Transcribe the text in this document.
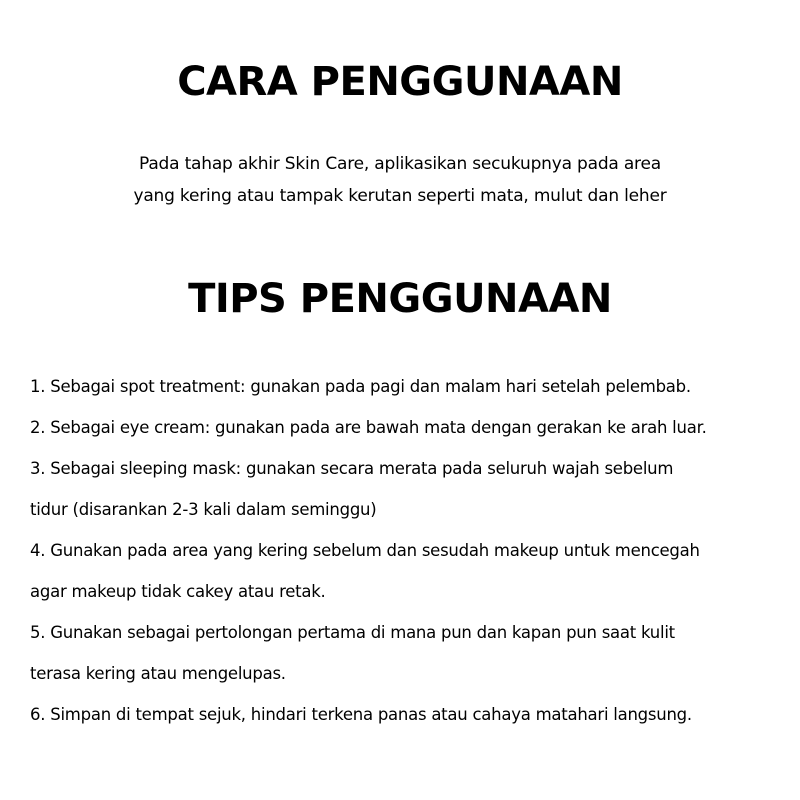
CARA PENGGUNAAN

Pada tahap akhir Skin Care, aplikasikan secukupnya pada area
yang kering atau tampak kerutan seperti mata, mulut dan leher

TIPS PENGGUNAAN
1. Sebagai spot treatment: gunakan pada pagi dan malam hari setelah pelembab.
2. Sebagai eye cream: gunakan pada are bawah mata dengan gerakan ke arah luar.
3. Sebagai sleeping mask: gunakan secara merata pada seluruh wajah sebelum
tidur (disarankan 2-3 kali dalam seminggu)
4. Gunakan pada area yang kering sebelum dan sesudah makeup untuk mencegah
agar makeup tidak cakey atau retak.
5. Gunakan sebagai pertolongan pertama di mana pun dan kapan pun saat kulit
terasa kering atau mengelupas.
6. Simpan di tempat sejuk, hindari terkena panas atau cahaya matahari langsung.
